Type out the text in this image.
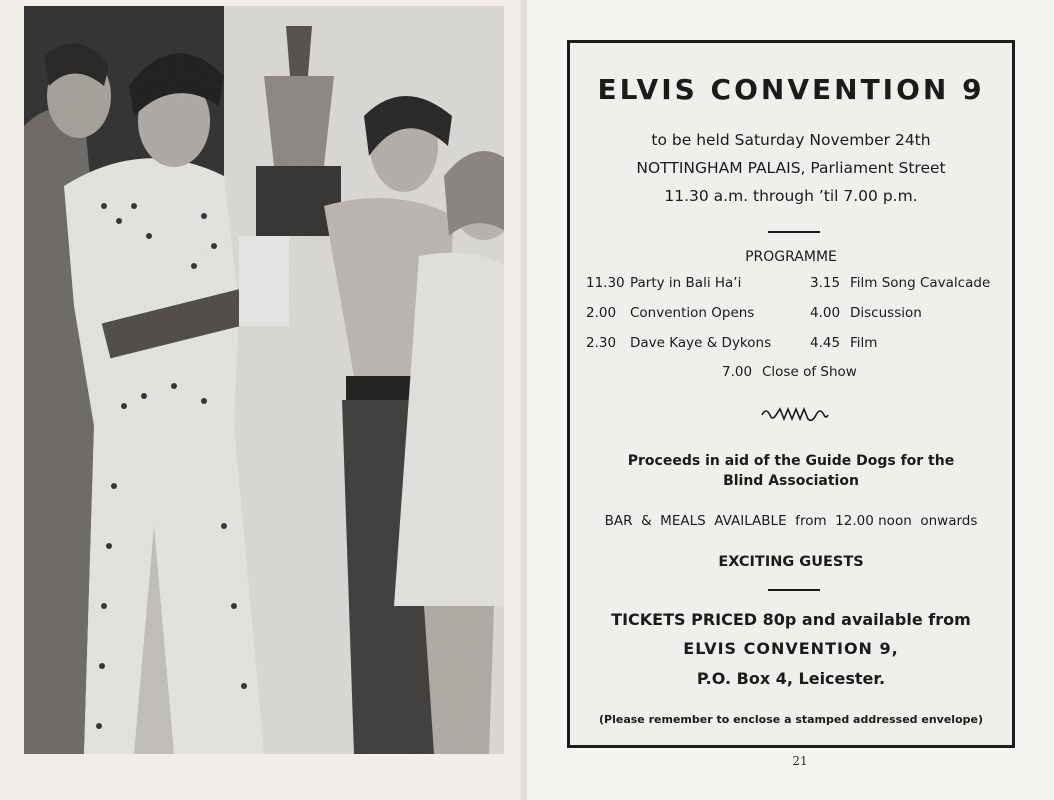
ELVIS CONVENTION 9
to be held Saturday November 24th
NOTTINGHAM PALAIS, Parliament Street
11.30 a.m. through ’til 7.00 p.m.
PROGRAMME
11.30 Party in Bali Ha’i	3.15 Film Song Cavalcade
2.00 Convention Opens	4.00 Discussion
2.30 Dave Kaye & Dykons	4.45 Film
7.00 Close of Show
Proceeds in aid of the Guide Dogs for the
Blind Association
BAR  &  MEALS  AVAILABLE  from  12.00 noon  onwards
EXCITING GUESTS
TICKETS PRICED 80p and available from
ELVIS CONVENTION 9,
P.O. Box 4, Leicester.
(Please remember to enclose a stamped addressed envelope)
21
